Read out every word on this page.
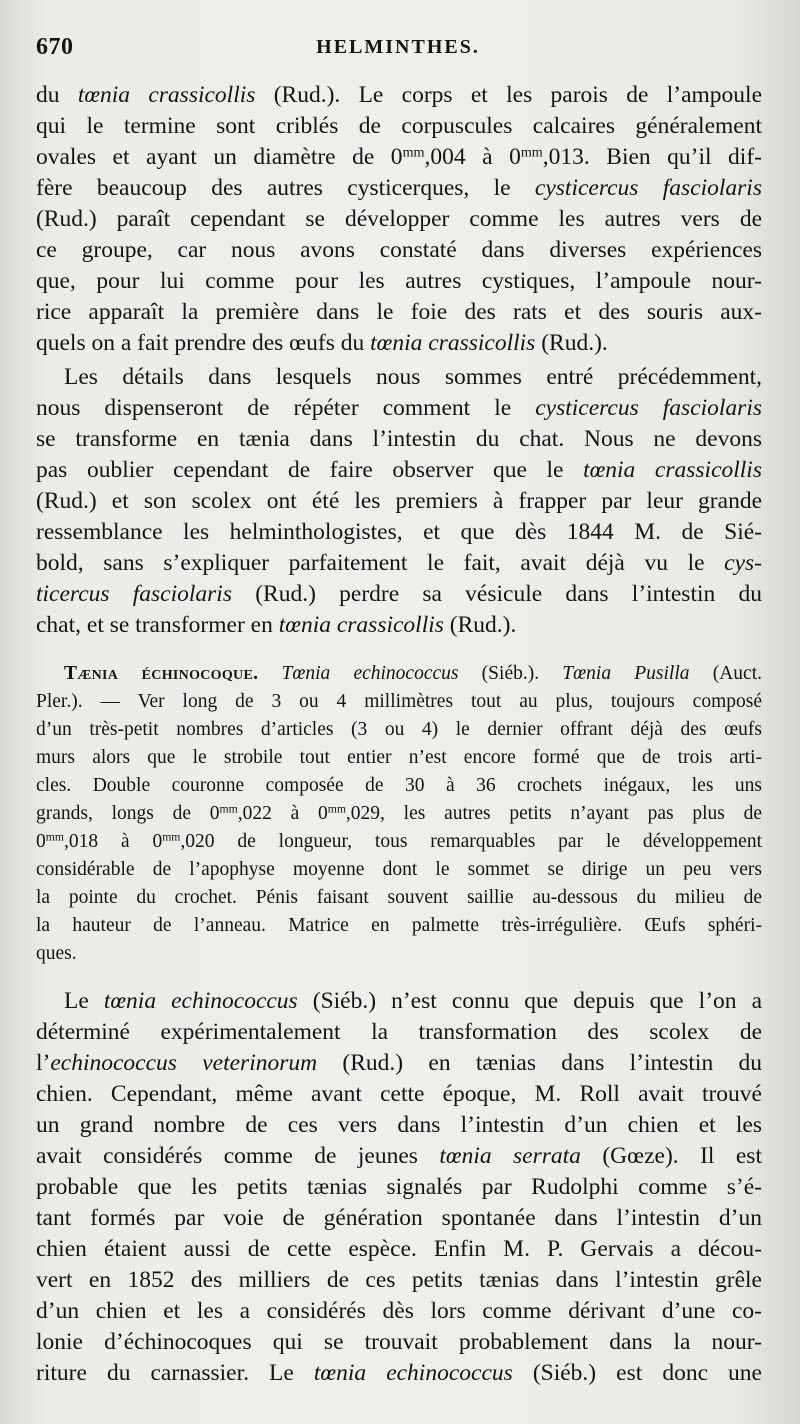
670	HELMINTHES.
du tœnia crassicollis (Rud.). Le corps et les parois de l’ampoule
qui le termine sont criblés de corpuscules calcaires généralement
ovales et ayant un diamètre de $0^{mm},004$ à $0^{mm},013$. Bien qu’il dif-
fère beaucoup des autres cysticerques, le cysticercus fasciolaris
(Rud.) paraît cependant se développer comme les autres vers de
ce groupe, car nous avons constaté dans diverses expériences
que, pour lui comme pour les autres cystiques, l’ampoule nour-
rice apparaît la première dans le foie des rats et des souris aux-
quels on a fait prendre des œufs du tœnia crassicollis (Rud.).
Les détails dans lesquels nous sommes entré précédemment,
nous dispenseront de répéter comment le cysticercus fasciolaris
se transforme en tænia dans l’intestin du chat. Nous ne devons
pas oublier cependant de faire observer que le tœnia crassicollis
(Rud.) et son scolex ont été les premiers à frapper par leur grande
ressemblance les helminthologistes, et que dès 1844 M. de Sié-
bold, sans s’expliquer parfaitement le fait, avait déjà vu le cys-
ticercus fasciolaris (Rud.) perdre sa vésicule dans l’intestin du
chat, et se transformer en tœnia crassicollis (Rud.).
Tænia échinocoque. Tœnia echinococcus (Siéb.). Tœnia Pusilla (Auct.
Pler.). — Ver long de 3 ou 4 millimètres tout au plus, toujours composé
d’un très-petit nombres d’articles (3 ou 4) le dernier offrant déjà des œufs
murs alors que le strobile tout entier n’est encore formé que de trois arti-
cles. Double couronne composée de 30 à 36 crochets inégaux, les uns
grands, longs de $0^{mm},022$ à $0^{mm},029$, les autres petits n’ayant pas plus de
$0^{mm},018$ à $0^{mm},020$ de longueur, tous remarquables par le développement
considérable de l’apophyse moyenne dont le sommet se dirige un peu vers
la pointe du crochet. Pénis faisant souvent saillie au-dessous du milieu de
la hauteur de l’anneau. Matrice en palmette très-irrégulière. Œufs sphéri-
ques.
Le tœnia echinococcus (Siéb.) n’est connu que depuis que l’on a
déterminé expérimentalement la transformation des scolex de
l’echinococcus veterinorum (Rud.) en tænias dans l’intestin du
chien. Cependant, même avant cette époque, M. Roll avait trouvé
un grand nombre de ces vers dans l’intestin d’un chien et les
avait considérés comme de jeunes tœnia serrata (Gœze). Il est
probable que les petits tænias signalés par Rudolphi comme s’é-
tant formés par voie de génération spontanée dans l’intestin d’un
chien étaient aussi de cette espèce. Enfin M. P. Gervais a décou-
vert en 1852 des milliers de ces petits tænias dans l’intestin grêle
d’un chien et les a considérés dès lors comme dérivant d’une co-
lonie d’échinocoques qui se trouvait probablement dans la nour-
riture du carnassier. Le tœnia echinococcus (Siéb.) est donc une
